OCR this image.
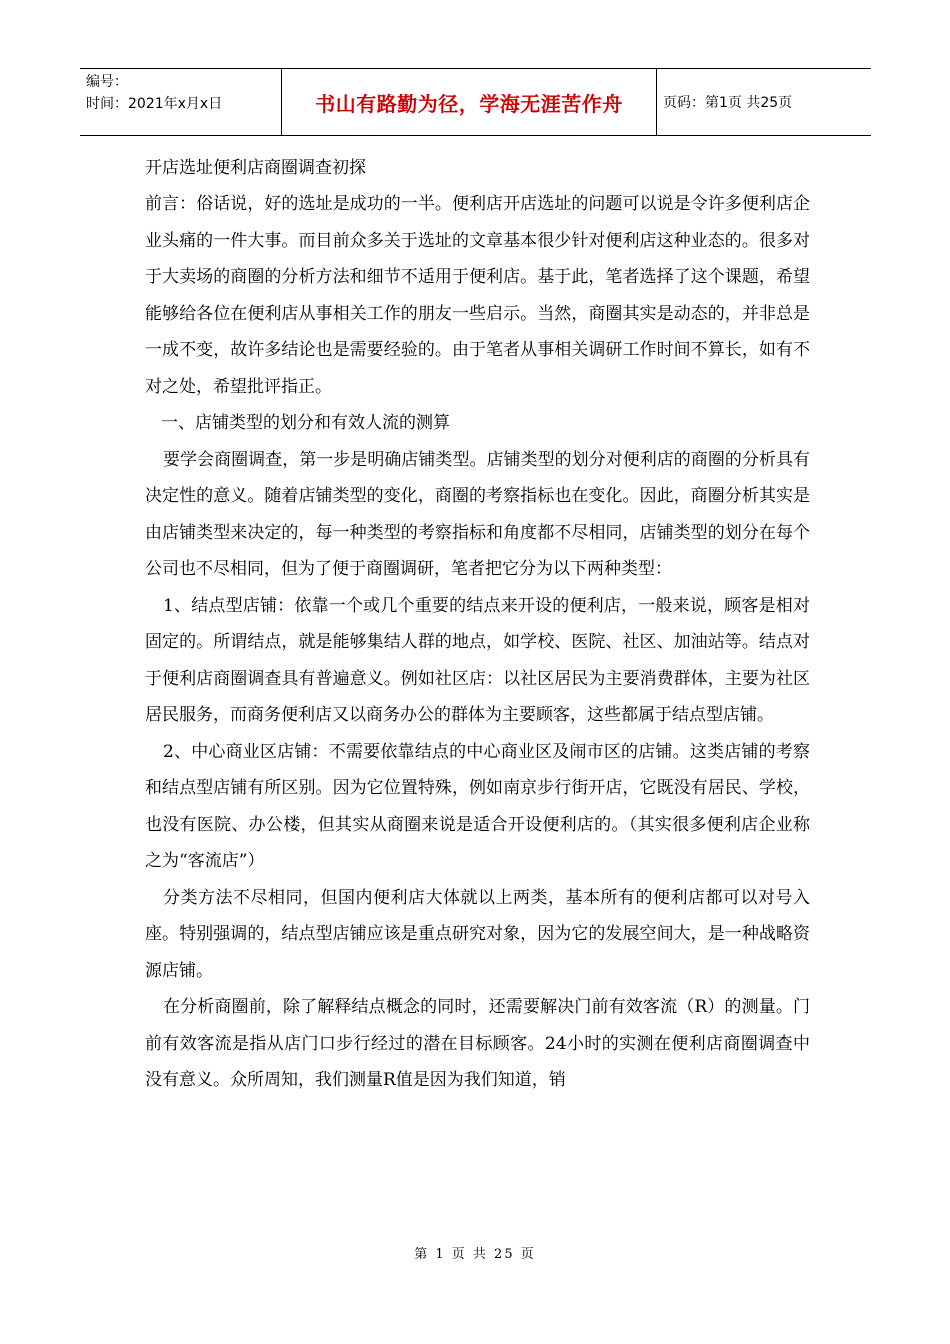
编号：
时间：2021年x月x日	书山有路勤为径，学海无涯苦作舟	页码：第1页 共25页

开店选址便利店商圈调查初探

前言：俗话说，好的选址是成功的一半。便利店开店选址的问题可以说是令许多便利店企业头痛的一件大事。而目前众多关于选址的文章基本很少针对便利店这种业态的。很多对于大卖场的商圈的分析方法和细节不适用于便利店。基于此，笔者选择了这个课题，希望能够给各位在便利店从事相关工作的朋友一些启示。当然，商圈其实是动态的，并非总是一成不变，故许多结论也是需要经验的。由于笔者从事相关调研工作时间不算长，如有不对之处，希望批评指正。

一、店铺类型的划分和有效人流的测算

要学会商圈调查，第一步是明确店铺类型。店铺类型的划分对便利店的商圈的分析具有决定性的意义。随着店铺类型的变化，商圈的考察指标也在变化。因此，商圈分析其实是由店铺类型来决定的，每一种类型的考察指标和角度都不尽相同，店铺类型的划分在每个公司也不尽相同，但为了便于商圈调研，笔者把它分为以下两种类型：

1、结点型店铺：依靠一个或几个重要的结点来开设的便利店，一般来说，顾客是相对固定的。所谓结点，就是能够集结人群的地点，如学校、医院、社区、加油站等。结点对于便利店商圈调查具有普遍意义。例如社区店：以社区居民为主要消费群体，主要为社区居民服务，而商务便利店又以商务办公的群体为主要顾客，这些都属于结点型店铺。

2、中心商业区店铺：不需要依靠结点的中心商业区及闹市区的店铺。这类店铺的考察和结点型店铺有所区别。因为它位置特殊，例如南京步行街开店，它既没有居民、学校，也没有医院、办公楼，但其实从商圈来说是适合开设便利店的。（其实很多便利店企业称之为“客流店”）

分类方法不尽相同，但国内便利店大体就以上两类，基本所有的便利店都可以对号入座。特别强调的，结点型店铺应该是重点研究对象，因为它的发展空间大，是一种战略资源店铺。

在分析商圈前，除了解释结点概念的同时，还需要解决门前有效客流（R）的测量。门前有效客流是指从店门口步行经过的潜在目标顾客。24小时的实测在便利店商圈调查中没有意义。众所周知，我们测量R值是因为我们知道，销

第 1 页 共 25 页
